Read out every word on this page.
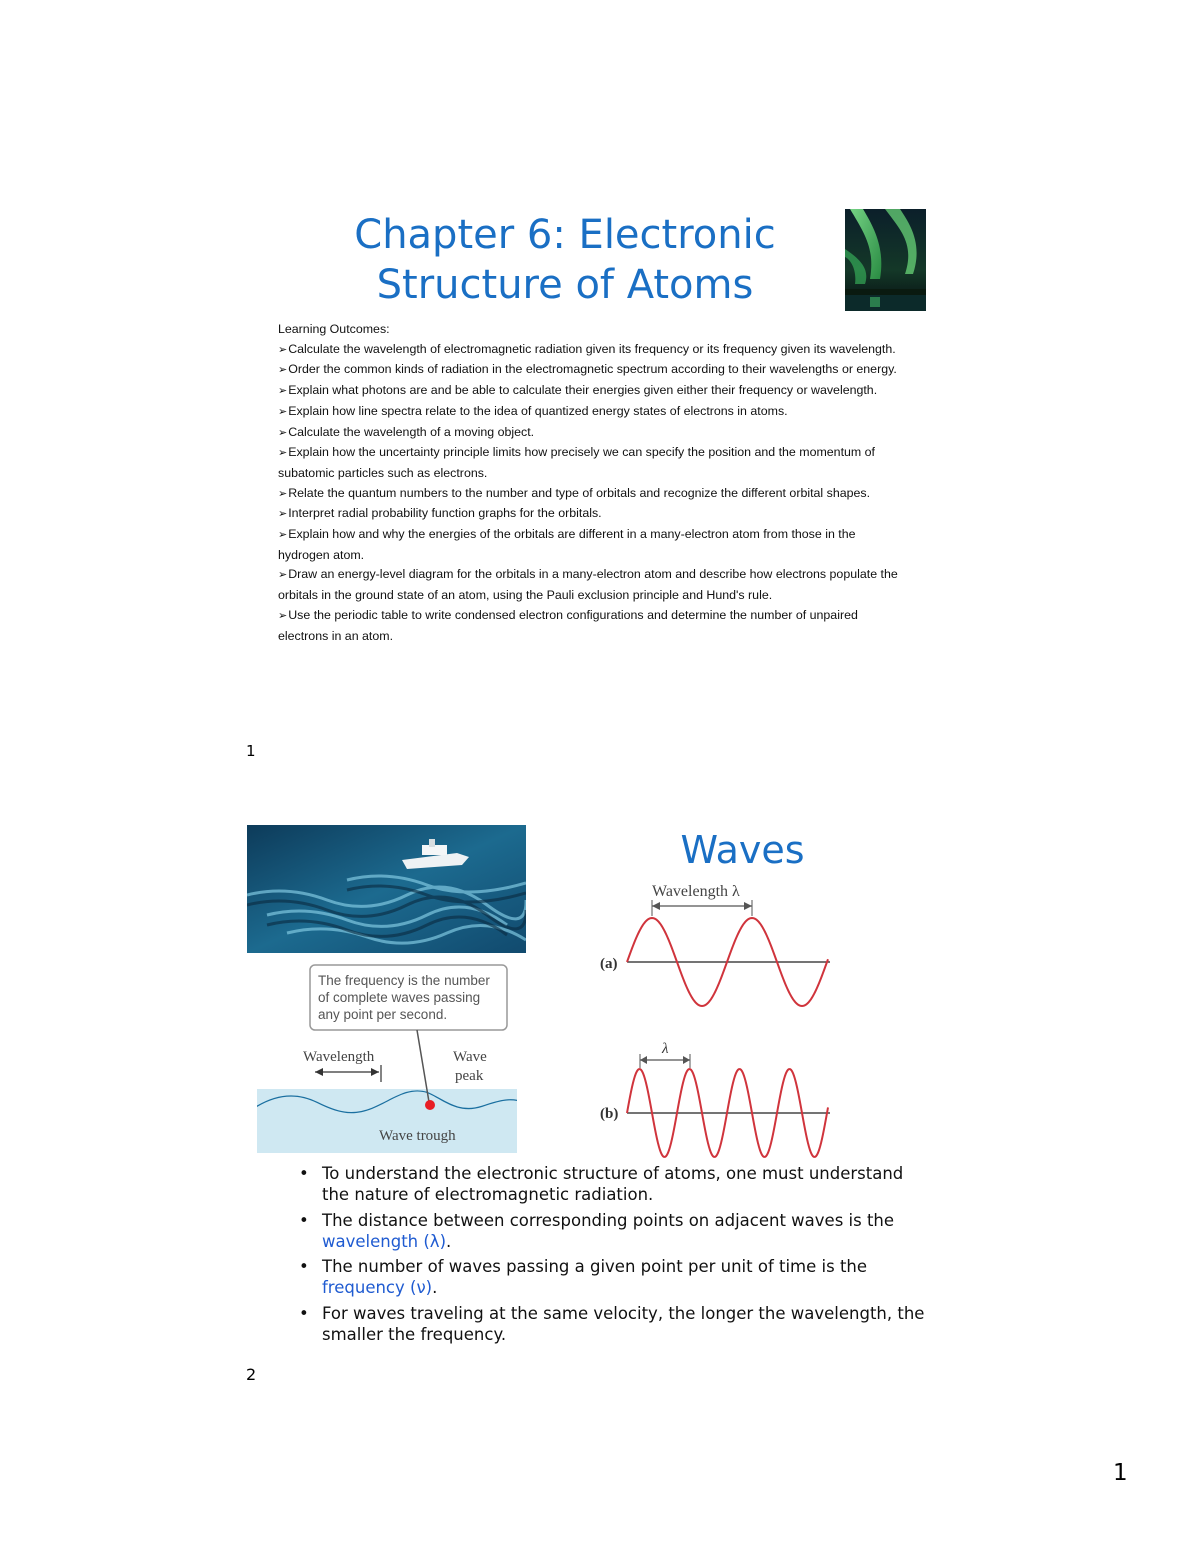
Chapter 6: Electronic
Structure of Atoms
Learning Outcomes:
➢ Calculate the wavelength of electromagnetic radiation given its frequency or its frequency given its wavelength.
➢ Order the common kinds of radiation in the electromagnetic spectrum according to their wavelengths or energy.
➢ Explain what photons are and be able to calculate their energies given either their frequency or wavelength.
➢ Explain how line spectra relate to the idea of quantized energy states of electrons in atoms.
➢ Calculate the wavelength of a moving object.
➢ Explain how the uncertainty principle limits how precisely we can specify the position and the momentum of subatomic particles such as electrons.
➢ Relate the quantum numbers to the number and type of orbitals and recognize the different orbital shapes.
➢ Interpret radial probability function graphs for the orbitals.
➢ Explain how and why the energies of the orbitals are different in a many-electron atom from those in the hydrogen atom.
➢ Draw an energy-level diagram for the orbitals in a many-electron atom and describe how electrons populate the orbitals in the ground state of an atom, using the Pauli exclusion principle and Hund's rule.
➢ Use the periodic table to write condensed electron configurations and determine the number of unpaired electrons in an atom.
1
The frequency is the number
of complete waves passing
any point per second.
Wavelength	Wave
peak
Wave trough
Waves
Wavelength λ
(a)
λ
(b)
• To understand the electronic structure of atoms, one must understand the nature of electromagnetic radiation.
• The distance between corresponding points on adjacent waves is the wavelength (λ).
• The number of waves passing a given point per unit of time is the frequency (ν).
• For waves traveling at the same velocity, the longer the wavelength, the smaller the frequency.
2
1
